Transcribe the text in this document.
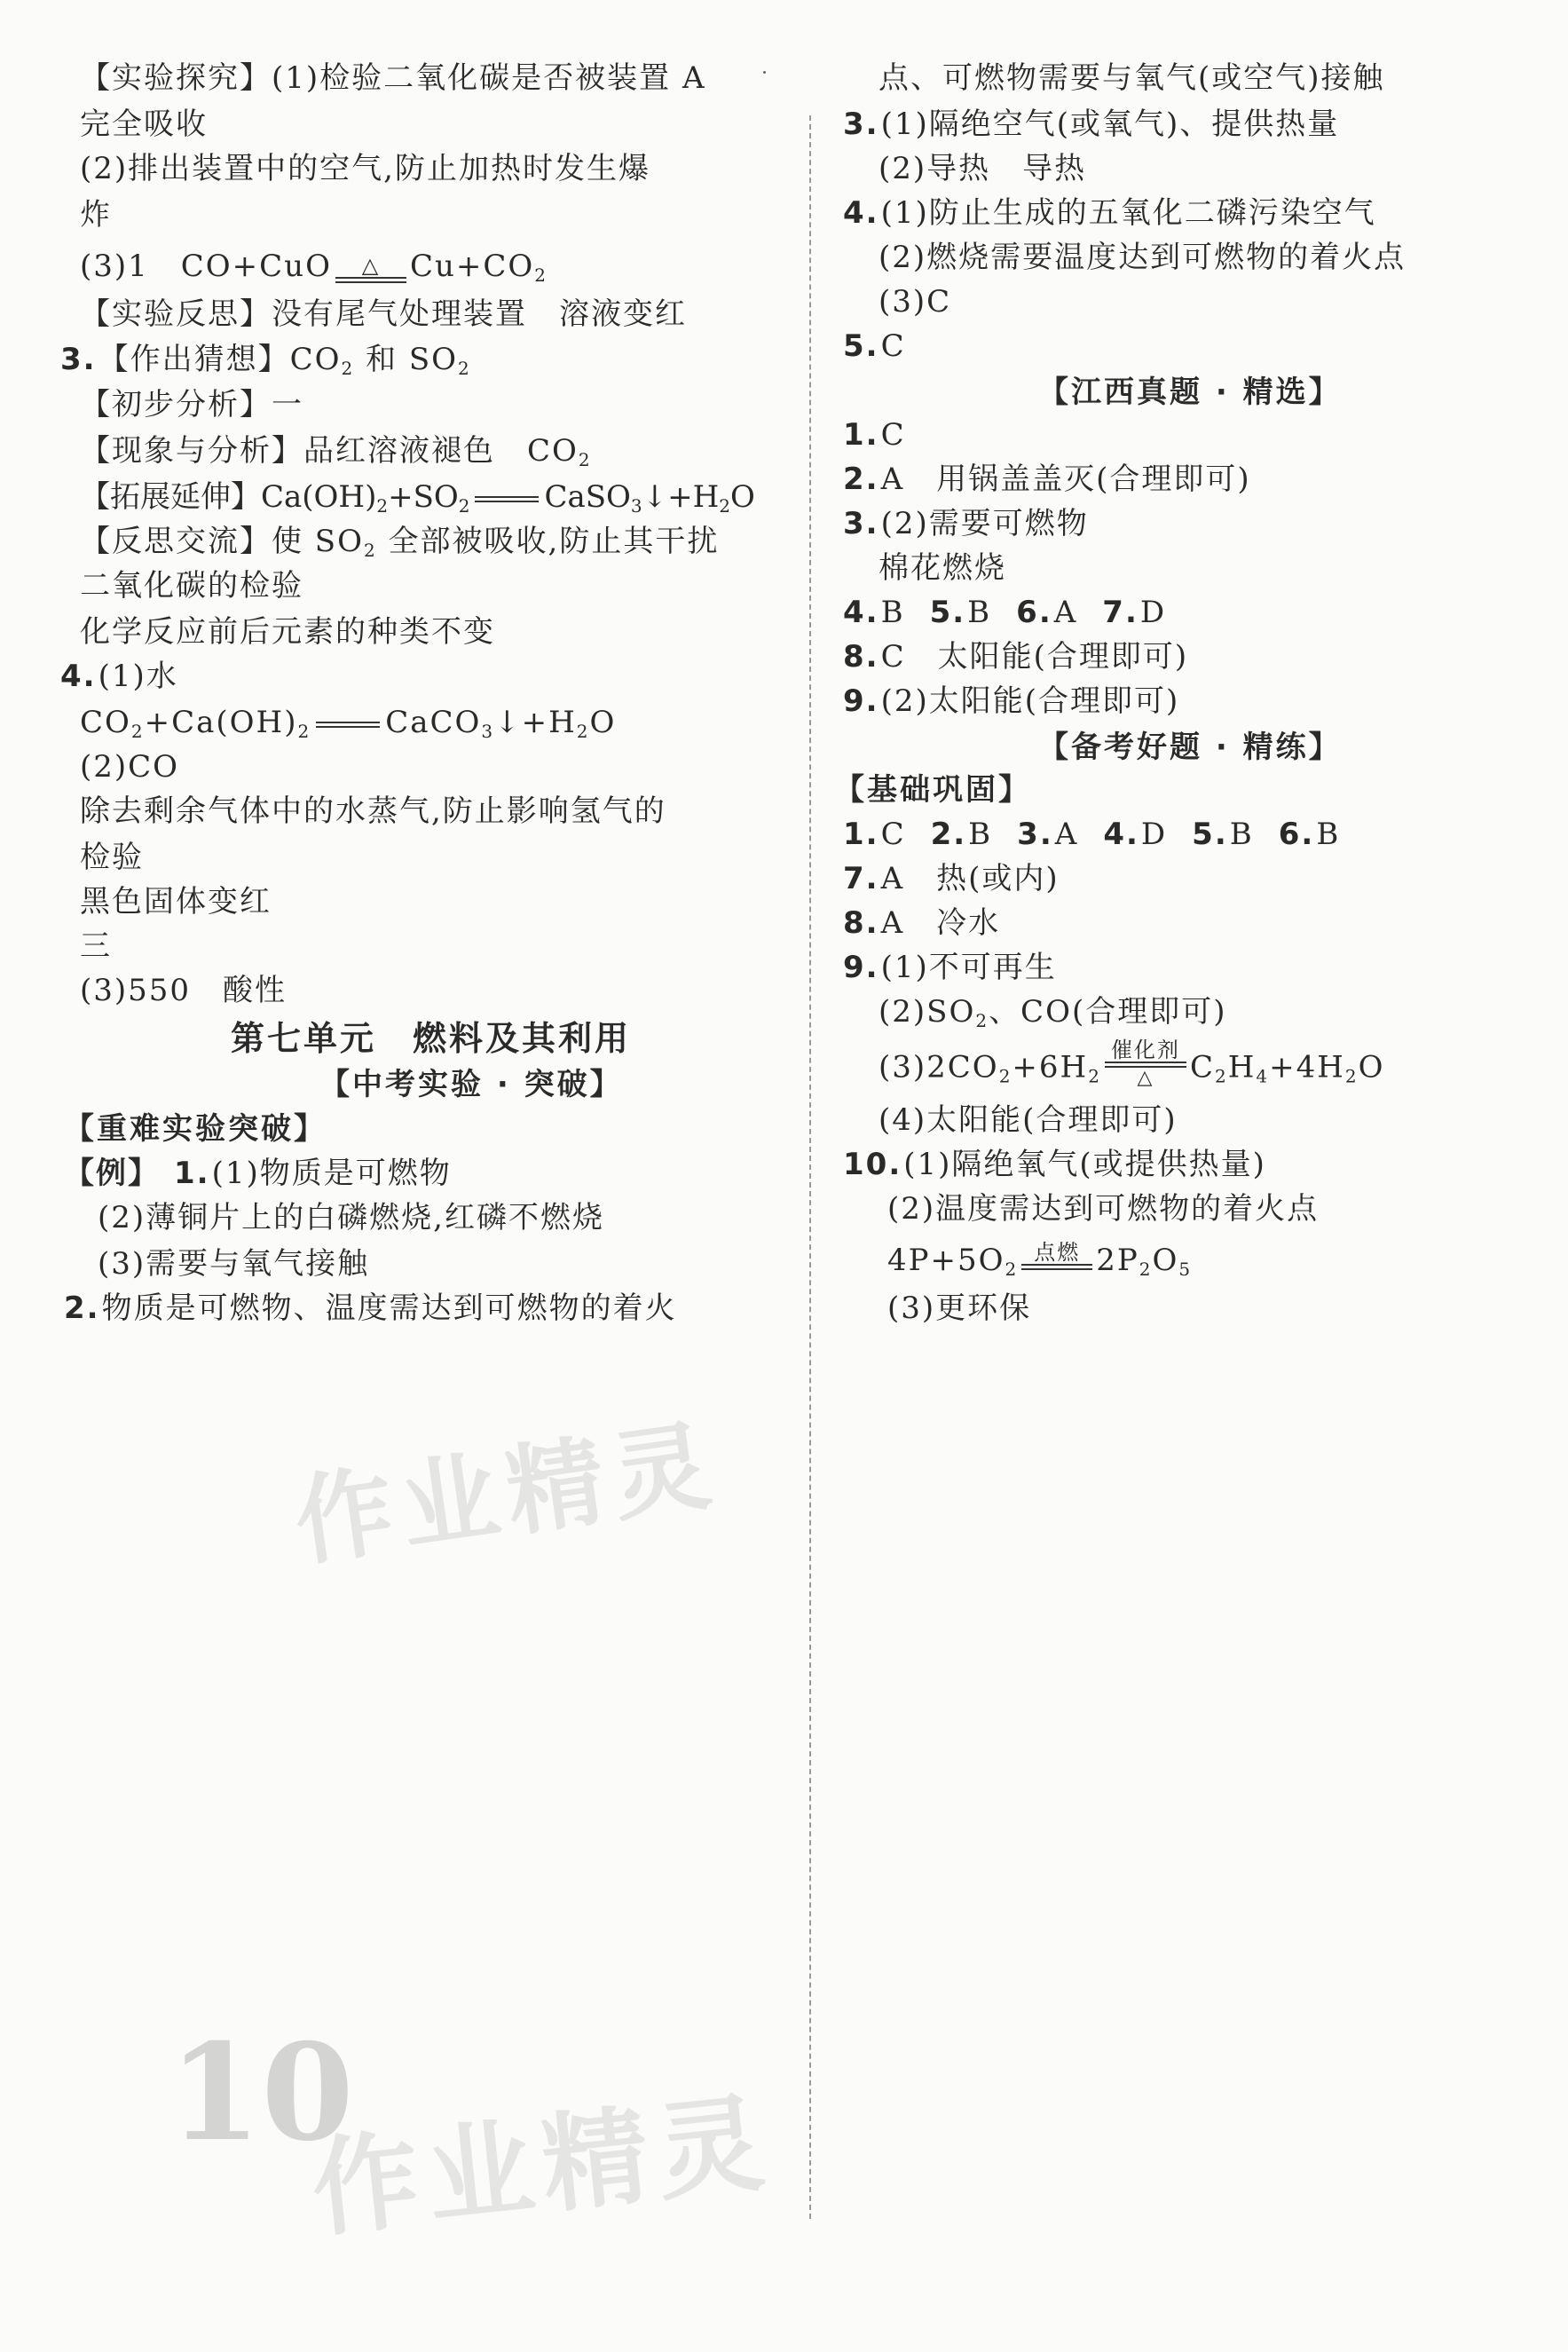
【实验探究】(1)检验二氧化碳是否被装置 A
完全吸收
(2)排出装置中的空气,防止加热时发生爆
炸
(3)1　CO+CuO	△ $Cu+CO_2$
【实验反思】没有尾气处理装置　溶液变红
3.【作出猜想】$CO_2$ 和 $SO_2$
【初步分析】一
【现象与分析】品红溶液褪色　$CO_2$
【拓展延伸】$Ca(OH)_2+SO_2$ $CaSO_3↓+H_2O$
【反思交流】使 $SO_2$ 全部被吸收,防止其干扰
二氧化碳的检验
化学反应前后元素的种类不变
4.(1)水
$CO_2+Ca(OH)_2$ $CaCO_3↓+H_2O$
(2)CO
除去剩余气体中的水蒸气,防止影响氢气的
检验
黑色固体变红
三
(3)550　酸性
第七单元　燃料及其利用
【中考实验 · 突破】
【重难实验突破】
【例】 1.(1)物质是可燃物
(2)薄铜片上的白磷燃烧,红磷不燃烧
(3)需要与氧气接触
2.物质是可燃物、温度需达到可燃物的着火
点、可燃物需要与氧气(或空气)接触
3.(1)隔绝空气(或氧气)、提供热量
(2)导热　导热
4.(1)防止生成的五氧化二磷污染空气
(2)燃烧需要温度达到可燃物的着火点
(3)C
5.C
【江西真题 · 精选】
1.C
2.A　用锅盖盖灭(合理即可)
3.(2)需要可燃物
棉花燃烧
4.B 5.B 6.A 7.D
8.C　太阳能(合理即可)
9.(2)太阳能(合理即可)
【备考好题 · 精练】
【基础巩固】
1.C 2.B 3.A 4.D 5.B 6.B
7.A　热(或内)
8.A　冷水
9.(1)不可再生
$(2)SO_2$、CO(合理即可)
$(3)2CO_2+6H_2$
催化剂
△	$C_2H_4+4H_2O$
(4)太阳能(合理即可)
10.(1)隔绝氧气(或提供热量)
(2)温度需达到可燃物的着火点
$4P+5O_2$
点燃 $2P_2O_5$
(3)更环保
作业精灵
作业精灵
10
